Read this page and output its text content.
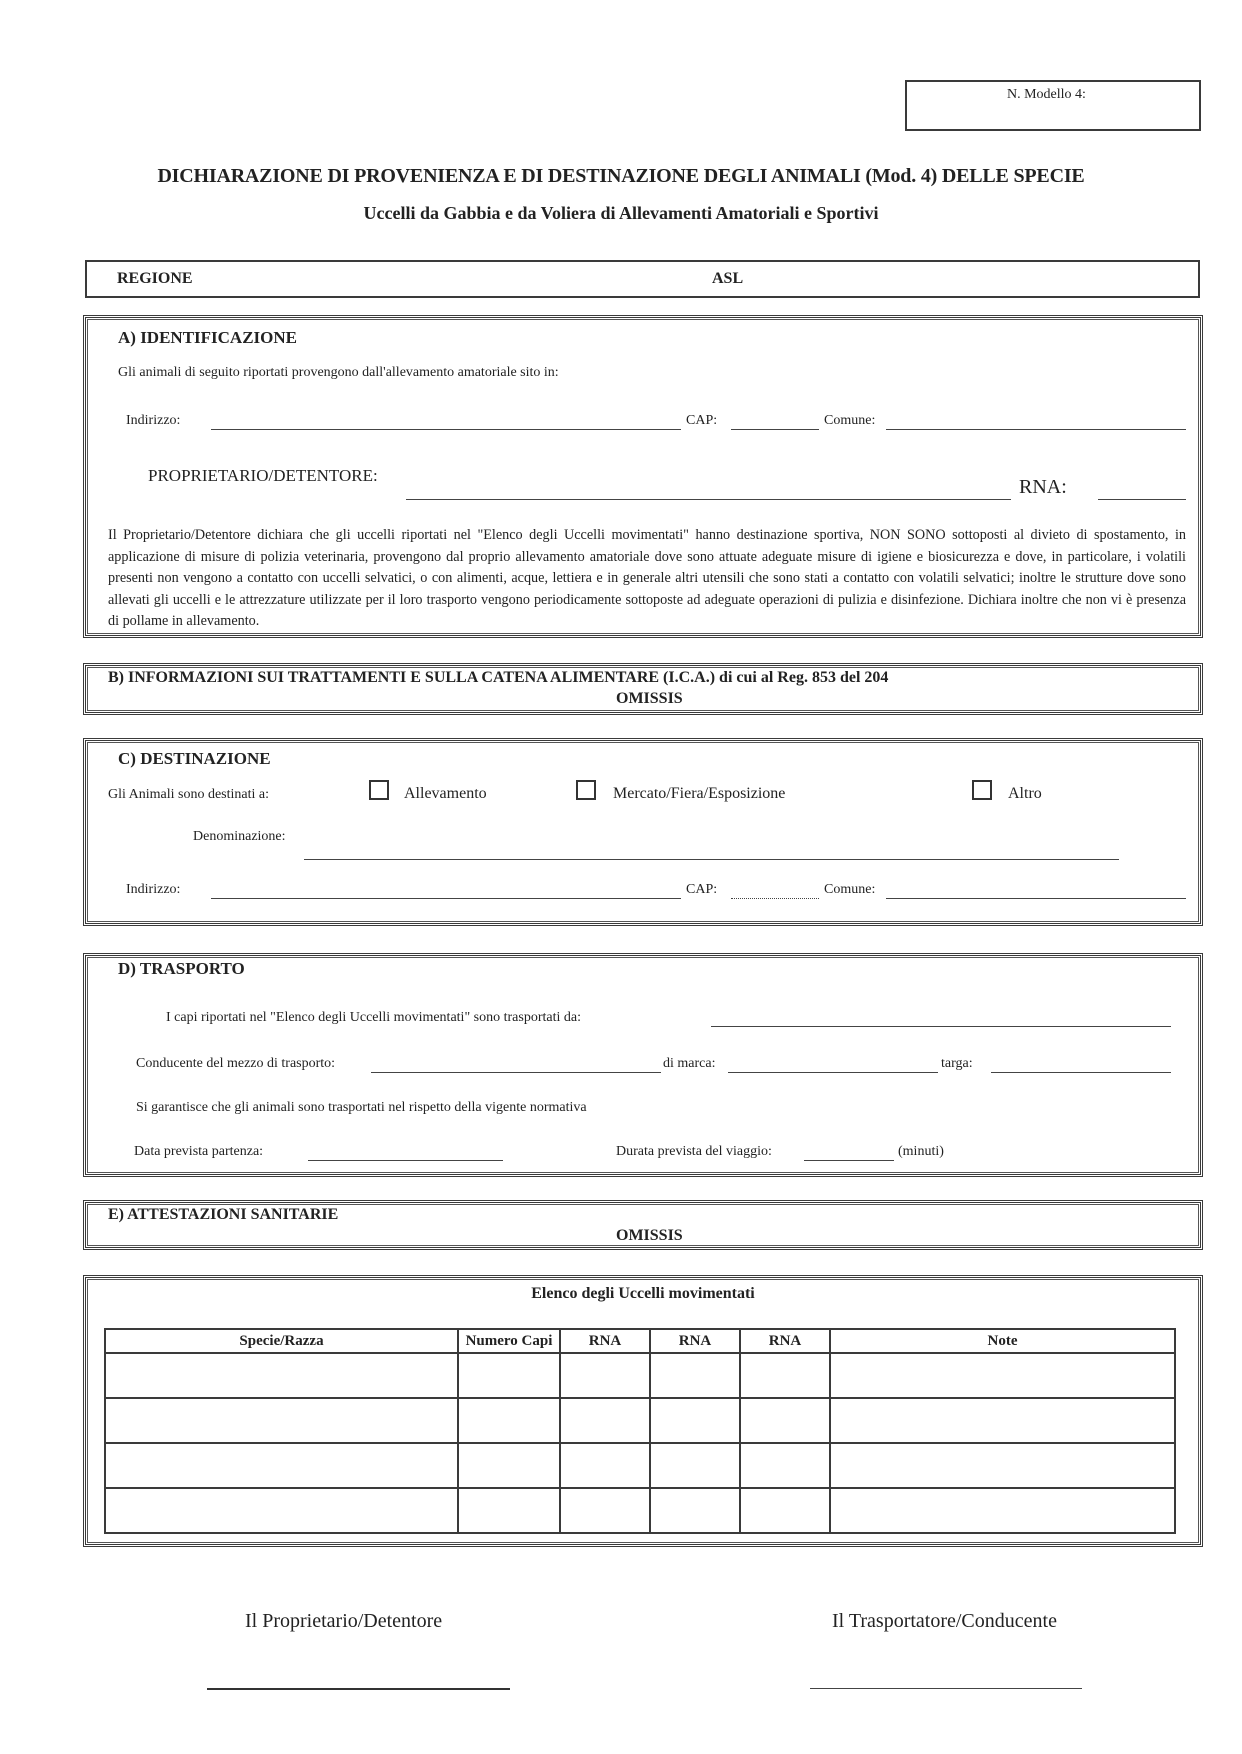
N. Modello 4:
DICHIARAZIONE DI PROVENIENZA E DI DESTINAZIONE DEGLI ANIMALI (Mod. 4) DELLE SPECIE
Uccelli da Gabbia e da Voliera di Allevamenti Amatoriali e Sportivi
REGIONE	ASL
A) IDENTIFICAZIONE
Gli animali di seguito riportati provengono dall'allevamento amatoriale sito in:
Indirizzo:	CAP:	Comune:
PROPRIETARIO/DETENTORE:
RNA:
Il Proprietario/Detentore dichiara che gli uccelli riportati nel "Elenco degli Uccelli movimentati" hanno destinazione sportiva, NON SONO sottoposti al divieto di spostamento, in applicazione di misure di polizia veterinaria, provengono dal proprio allevamento amatoriale dove sono attuate adeguate misure di igiene e biosicurezza e dove, in particolare, i volatili presenti non vengono a contatto con uccelli selvatici, o con alimenti, acque, lettiera e in generale altri utensili che sono stati a contatto con volatili selvatici; inoltre le strutture dove sono allevati gli uccelli e le attrezzature utilizzate per il loro trasporto vengono periodicamente sottoposte ad adeguate operazioni di pulizia e disinfezione. Dichiara inoltre che non vi è presenza di pollame in allevamento.
B) INFORMAZIONI SUI TRATTAMENTI E SULLA CATENA ALIMENTARE (I.C.A.) di cui al Reg. 853 del 204
OMISSIS
C) DESTINAZIONE
Gli Animali sono destinati a:	Allevamento	Mercato/Fiera/Esposizione	Altro
Denominazione:
Indirizzo:	CAP:	Comune:
D) TRASPORTO
I capi riportati nel "Elenco degli Uccelli movimentati" sono trasportati da:
Conducente del mezzo di trasporto:	di marca:	targa:
Si garantisce che gli animali sono trasportati nel rispetto della vigente normativa
Data prevista partenza:	Durata prevista del viaggio:	(minuti)
E) ATTESTAZIONI SANITARIE
OMISSIS
Elenco degli Uccelli movimentati
Specie/Razza	Numero Capi	RNA	RNA	RNA	Note

Il Proprietario/Detentore	Il Trasportatore/Conducente
